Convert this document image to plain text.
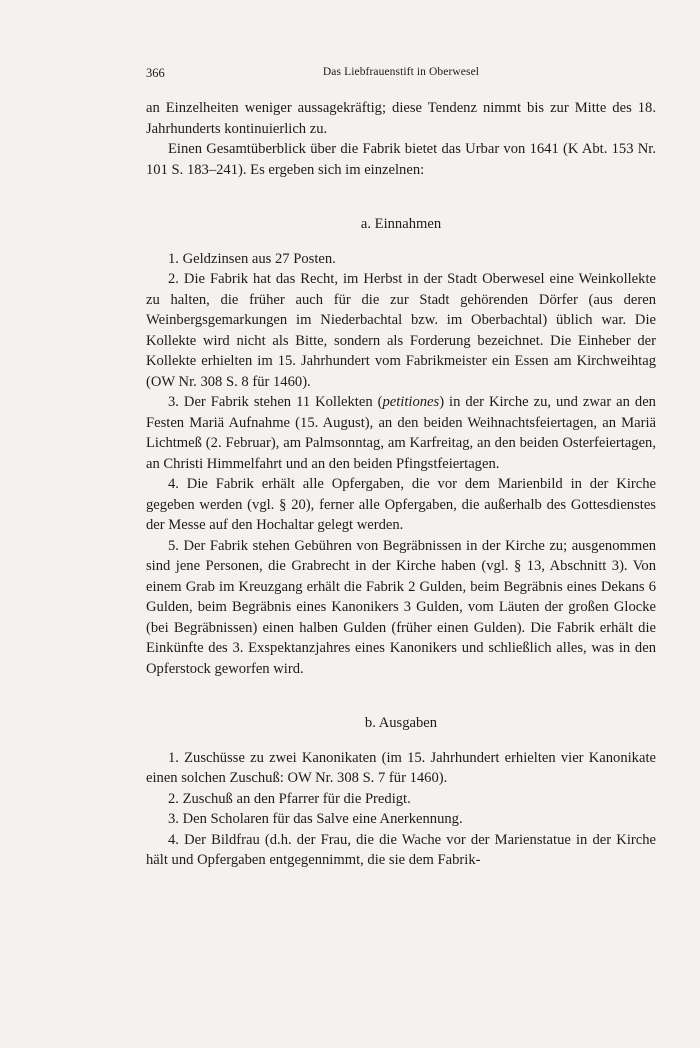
366	Das Liebfrauenstift in Oberwesel

an Einzelheiten weniger aussagekräftig; diese Tendenz nimmt bis zur Mitte des 18. Jahrhunderts kontinuierlich zu.

Einen Gesamtüberblick über die Fabrik bietet das Urbar von 1641 (K Abt. 153 Nr. 101 S. 183–241). Es ergeben sich im einzelnen:

a. Einnahmen

1. Geldzinsen aus 27 Posten.

2. Die Fabrik hat das Recht, im Herbst in der Stadt Oberwesel eine Weinkollekte zu halten, die früher auch für die zur Stadt gehörenden Dörfer (aus deren Weinbergsgemarkungen im Niederbachtal bzw. im Oberbachtal) üblich war. Die Kollekte wird nicht als Bitte, sondern als Forderung bezeichnet. Die Einheber der Kollekte erhielten im 15. Jahrhundert vom Fabrikmeister ein Essen am Kirchweihtag (OW Nr. 308 S. 8 für 1460).

3. Der Fabrik stehen 11 Kollekten (petitiones) in der Kirche zu, und zwar an den Festen Mariä Aufnahme (15. August), an den beiden Weihnachtsfeiertagen, an Mariä Lichtmeß (2. Februar), am Palmsonntag, am Karfreitag, an den beiden Osterfeiertagen, an Christi Himmelfahrt und an den beiden Pfingstfeiertagen.

4. Die Fabrik erhält alle Opfergaben, die vor dem Marienbild in der Kirche gegeben werden (vgl. § 20), ferner alle Opfergaben, die außerhalb des Gottesdienstes der Messe auf den Hochaltar gelegt werden.

5. Der Fabrik stehen Gebühren von Begräbnissen in der Kirche zu; ausgenommen sind jene Personen, die Grabrecht in der Kirche haben (vgl. § 13, Abschnitt 3). Von einem Grab im Kreuzgang erhält die Fabrik 2 Gulden, beim Begräbnis eines Dekans 6 Gulden, beim Begräbnis eines Kanonikers 3 Gulden, vom Läuten der großen Glocke (bei Begräbnissen) einen halben Gulden (früher einen Gulden). Die Fabrik erhält die Einkünfte des 3. Exspektanzjahres eines Kanonikers und schließlich alles, was in den Opferstock geworfen wird.

b. Ausgaben

1. Zuschüsse zu zwei Kanonikaten (im 15. Jahrhundert erhielten vier Kanonikate einen solchen Zuschuß: OW Nr. 308 S. 7 für 1460).

2. Zuschuß an den Pfarrer für die Predigt.

3. Den Scholaren für das Salve eine Anerkennung.

4. Der Bildfrau (d.h. der Frau, die die Wache vor der Marienstatue in der Kirche hält und Opfergaben entgegennimmt, die sie dem Fabrik-
